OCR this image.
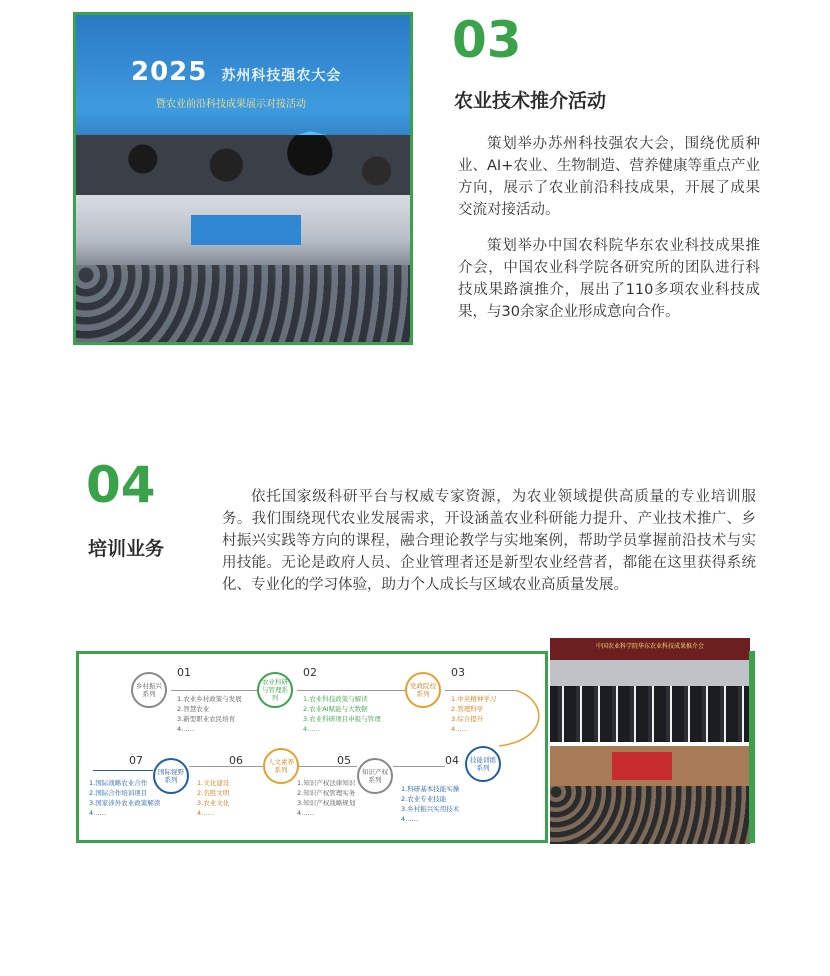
2025 苏州科技强农大会
暨农业前沿科技成果展示对接活动
03
农业技术推介活动
策划举办苏州科技强农大会，围绕优质种业、AI+农业、生物制造、营养健康等重点产业方向，展示了农业前沿科技成果，开展了成果交流对接活动。
策划举办中国农科院华东农业科技成果推介会，中国农业科学院各研究所的团队进行科技成果路演推介，展出了110多项农业科技成果，与30余家企业形成意向合作。
04
培训业务
依托国家级科研平台与权威专家资源，为农业领域提供高质量的专业培训服务。我们围绕现代农业发展需求，开设涵盖农业科研能力提升、产业技术推广、乡村振兴实践等方向的课程，融合理论教学与实地案例，帮助学员掌握前沿技术与实用技能。无论是政府人员、企业管理者还是新型农业经营者，都能在这里获得系统化、专业化的学习体验，助力个人成长与区域农业高质量发展。
乡村振兴系列
01
1.农业乡村政策与发展
2.智慧农业
3.新型职业农民培育
4……
农业科研与管理系列
02
1.农业科技政策与解读
2.农业AI赋能与大数据
3.农业科研项目申报与管理
4……
党政院校系列
03
1.中央精神学习
2.管理科学
3.综合提升
4……
国际视野系列
07
1.国际战略农业合作
2.国际合作培训项目
3.国家涉外农业政策解读
4……
人文素养系列
06
1.文化建设
2.名胜文明
3.农业文化
4……
知识产权系列
05
1.知识产权法律知识
2.知识产权管理实务
3.知识产权战略规划
4……
技能训练系列
04
1.科研基本技能实操
2.农业专业技能
3.乡村振兴实用技术
4……
中国农业科学院华东农业科技成果推介会
